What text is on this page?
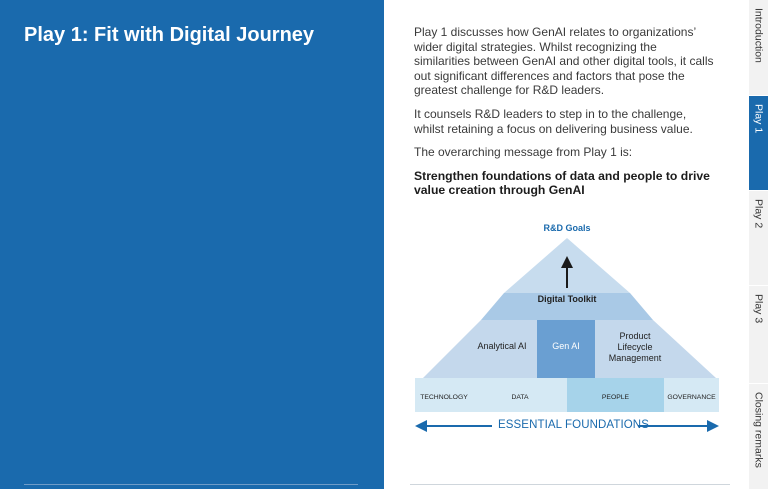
Play 1: Fit with Digital Journey	Play 1 discusses how GenAI relates to organizations’ wider digital strategies. Whilst recognizing the similarities between GenAI and other digital tools, it calls out significant differences and factors that pose the greatest challenge for R&D leaders.

It counsels R&D leaders to step in to the challenge, whilst retaining a focus on delivering business value.

The overarching message from Play 1 is:

Strengthen foundations of data and people to drive value creation through GenAI

R&D Goals
Digital Toolkit
Analytical AI	Gen AI
Product Lifecycle Management
TECHNOLOGY	DATA	PEOPLE	GOVERNANCE
ESSENTIAL FOUNDATIONS
Introduction
Play 1
Play 2
Play 3
Closing remarks
